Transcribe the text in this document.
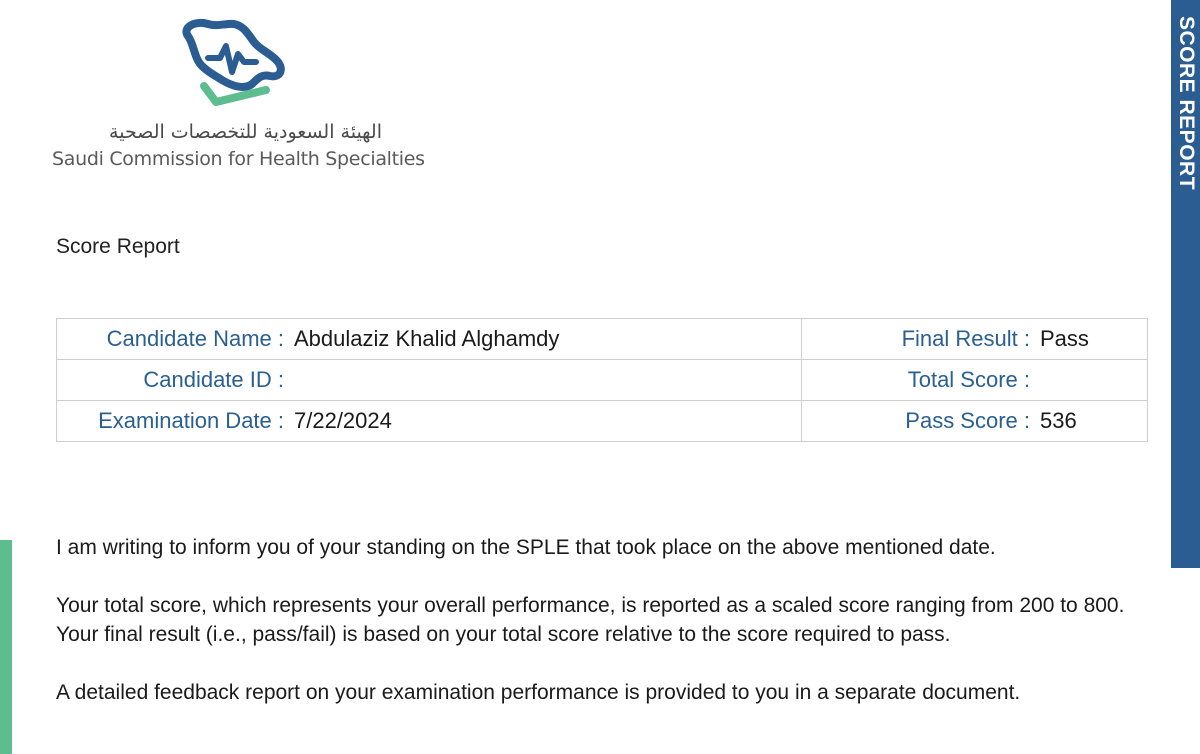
الهيئة السعودية للتخصصات الصحية
Saudi Commission for Health Specialties	SCORE REPORT
Score Report
Candidate Name : Abdulaziz Khalid Alghamdy	Final Result : Pass

Candidate ID :	Total Score :

Examination Date : 7/22/2024	Pass Score : 536

I am writing to inform you of your standing on the SPLE that took place on the above mentioned date.

Your total score, which represents your overall performance, is reported as a scaled score ranging from 200 to 800. Your final result (i.e., pass/fail) is based on your total score relative to the score required to pass.

A detailed feedback report on your examination performance is provided to you in a separate document.
